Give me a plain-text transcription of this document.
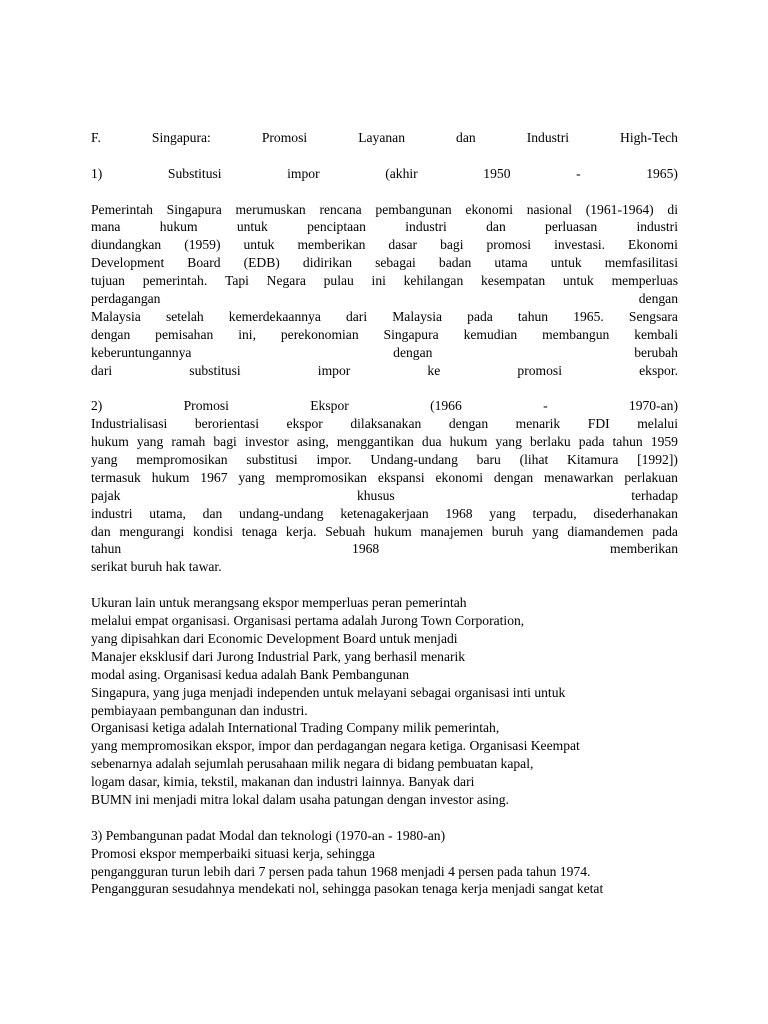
F.	Singapura:	Promosi	Layanan	dan	Industri	High-Tech
1)	Substitusi	impor	(akhir	1950	-	1965)
Pemerintah Singapura merumuskan rencana pembangunan ekonomi nasional (1961-1964) di
mana	hukum	untuk	penciptaan	industri	dan	perluasan	industri
diundangkan (1959) untuk memberikan dasar bagi promosi investasi. Ekonomi
Development Board (EDB) didirikan sebagai badan utama untuk memfasilitasi
tujuan pemerintah. Tapi Negara pulau ini kehilangan kesempatan untuk memperluas
perdagangan	dengan
Malaysia setelah kemerdekaannya dari Malaysia pada tahun 1965. Sengsara
dengan pemisahan ini, perekonomian Singapura kemudian membangun kembali
keberuntungannya	dengan	berubah
dari	substitusi	impor	ke	promosi	ekspor.
2)	Promosi	Ekspor	(1966	-	1970-an)
Industrialisasi berorientasi ekspor dilaksanakan dengan menarik FDI melalui
hukum yang ramah bagi investor asing, menggantikan dua hukum yang berlaku pada tahun 1959
yang mempromosikan substitusi impor. Undang-undang baru (lihat Kitamura [1992])
termasuk hukum 1967 yang mempromosikan ekspansi ekonomi dengan menawarkan perlakuan
pajak	khusus	terhadap
industri utama, dan undang-undang ketenagakerjaan 1968 yang terpadu, disederhanakan
dan mengurangi kondisi tenaga kerja. Sebuah hukum manajemen buruh yang diamandemen pada
tahun	1968	memberikan
serikat buruh hak tawar.
Ukuran lain untuk merangsang ekspor memperluas peran pemerintah
melalui empat organisasi. Organisasi pertama adalah Jurong Town Corporation,
yang dipisahkan dari Economic Development Board untuk menjadi
Manajer eksklusif dari Jurong Industrial Park, yang berhasil menarik
modal asing. Organisasi kedua adalah Bank Pembangunan
Singapura, yang juga menjadi independen untuk melayani sebagai organisasi inti untuk
pembiayaan pembangunan dan industri.
Organisasi ketiga adalah International Trading Company milik pemerintah,
yang mempromosikan ekspor, impor dan perdagangan negara ketiga. Organisasi Keempat
sebenarnya adalah sejumlah perusahaan milik negara di bidang pembuatan kapal,
logam dasar, kimia, tekstil, makanan dan industri lainnya. Banyak dari
BUMN ini menjadi mitra lokal dalam usaha patungan dengan investor asing.
3) Pembangunan padat Modal dan teknologi (1970-an - 1980-an)
Promosi ekspor memperbaiki situasi kerja, sehingga
pengangguran turun lebih dari 7 persen pada tahun 1968 menjadi 4 persen pada tahun 1974.
Pengangguran sesudahnya mendekati nol, sehingga pasokan tenaga kerja menjadi sangat ketat
